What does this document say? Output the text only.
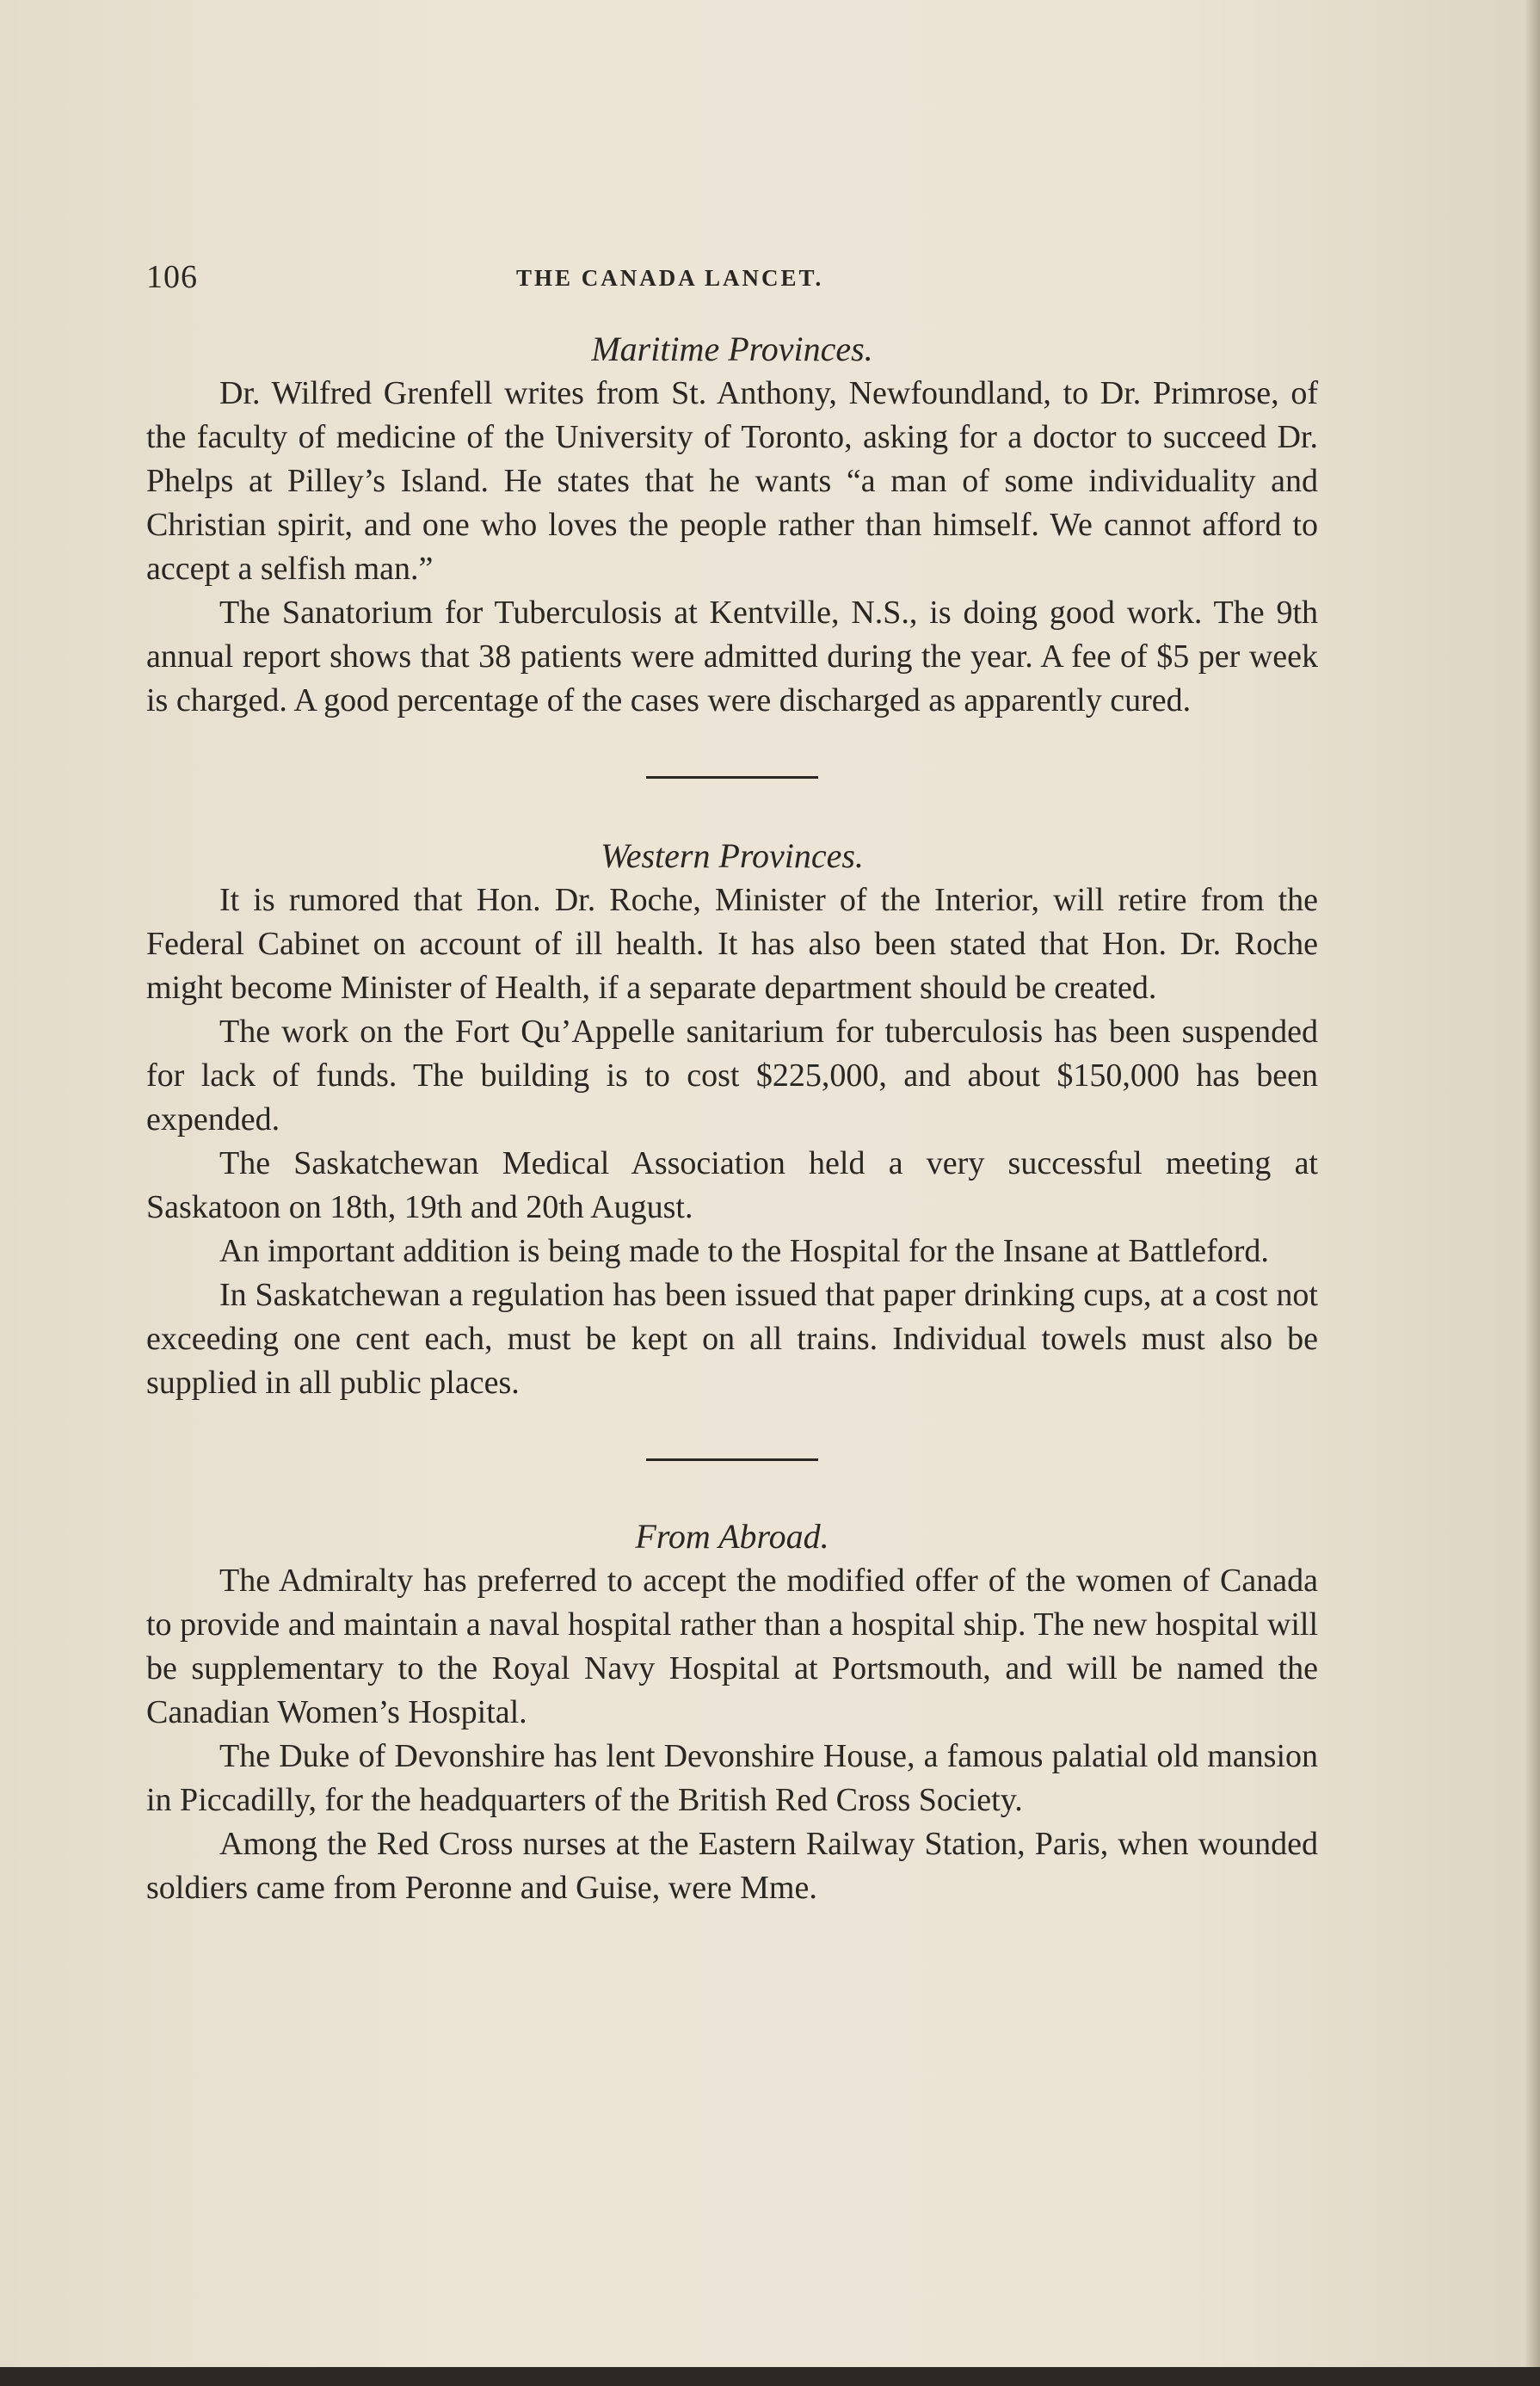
106	THE CANADA LANCET.
Maritime Provinces.

Dr. Wilfred Grenfell writes from St. Anthony, Newfoundland, to Dr. Primrose, of the faculty of medicine of the University of Toronto, asking for a doctor to succeed Dr. Phelps at Pilley’s Island. He states that he wants “a man of some individuality and Christian spirit, and one who loves the people rather than himself. We cannot afford to accept a selfish man.”

The Sanatorium for Tuberculosis at Kentville, N.S., is doing good work. The 9th annual report shows that 38 patients were admitted during the year. A fee of $5 per week is charged. A good percentage of the cases were discharged as apparently cured.

Western Provinces.

It is rumored that Hon. Dr. Roche, Minister of the Interior, will retire from the Federal Cabinet on account of ill health. It has also been stated that Hon. Dr. Roche might become Minister of Health, if a separate department should be created.

The work on the Fort Qu’Appelle sanitarium for tuberculosis has been suspended for lack of funds. The building is to cost $225,000, and about $150,000 has been expended.

The Saskatchewan Medical Association held a very successful meeting at Saskatoon on 18th, 19th and 20th August.

An important addition is being made to the Hospital for the Insane at Battleford.

In Saskatchewan a regulation has been issued that paper drinking cups, at a cost not exceeding one cent each, must be kept on all trains. Individual towels must also be supplied in all public places.

From Abroad.

The Admiralty has preferred to accept the modified offer of the women of Canada to provide and maintain a naval hospital rather than a hospital ship. The new hospital will be supplementary to the Royal Navy Hospital at Portsmouth, and will be named the Canadian Women’s Hospital.

The Duke of Devonshire has lent Devonshire House, a famous palatial old mansion in Piccadilly, for the headquarters of the British Red Cross Society.

Among the Red Cross nurses at the Eastern Railway Station, Paris, when wounded soldiers came from Peronne and Guise, were Mme.
